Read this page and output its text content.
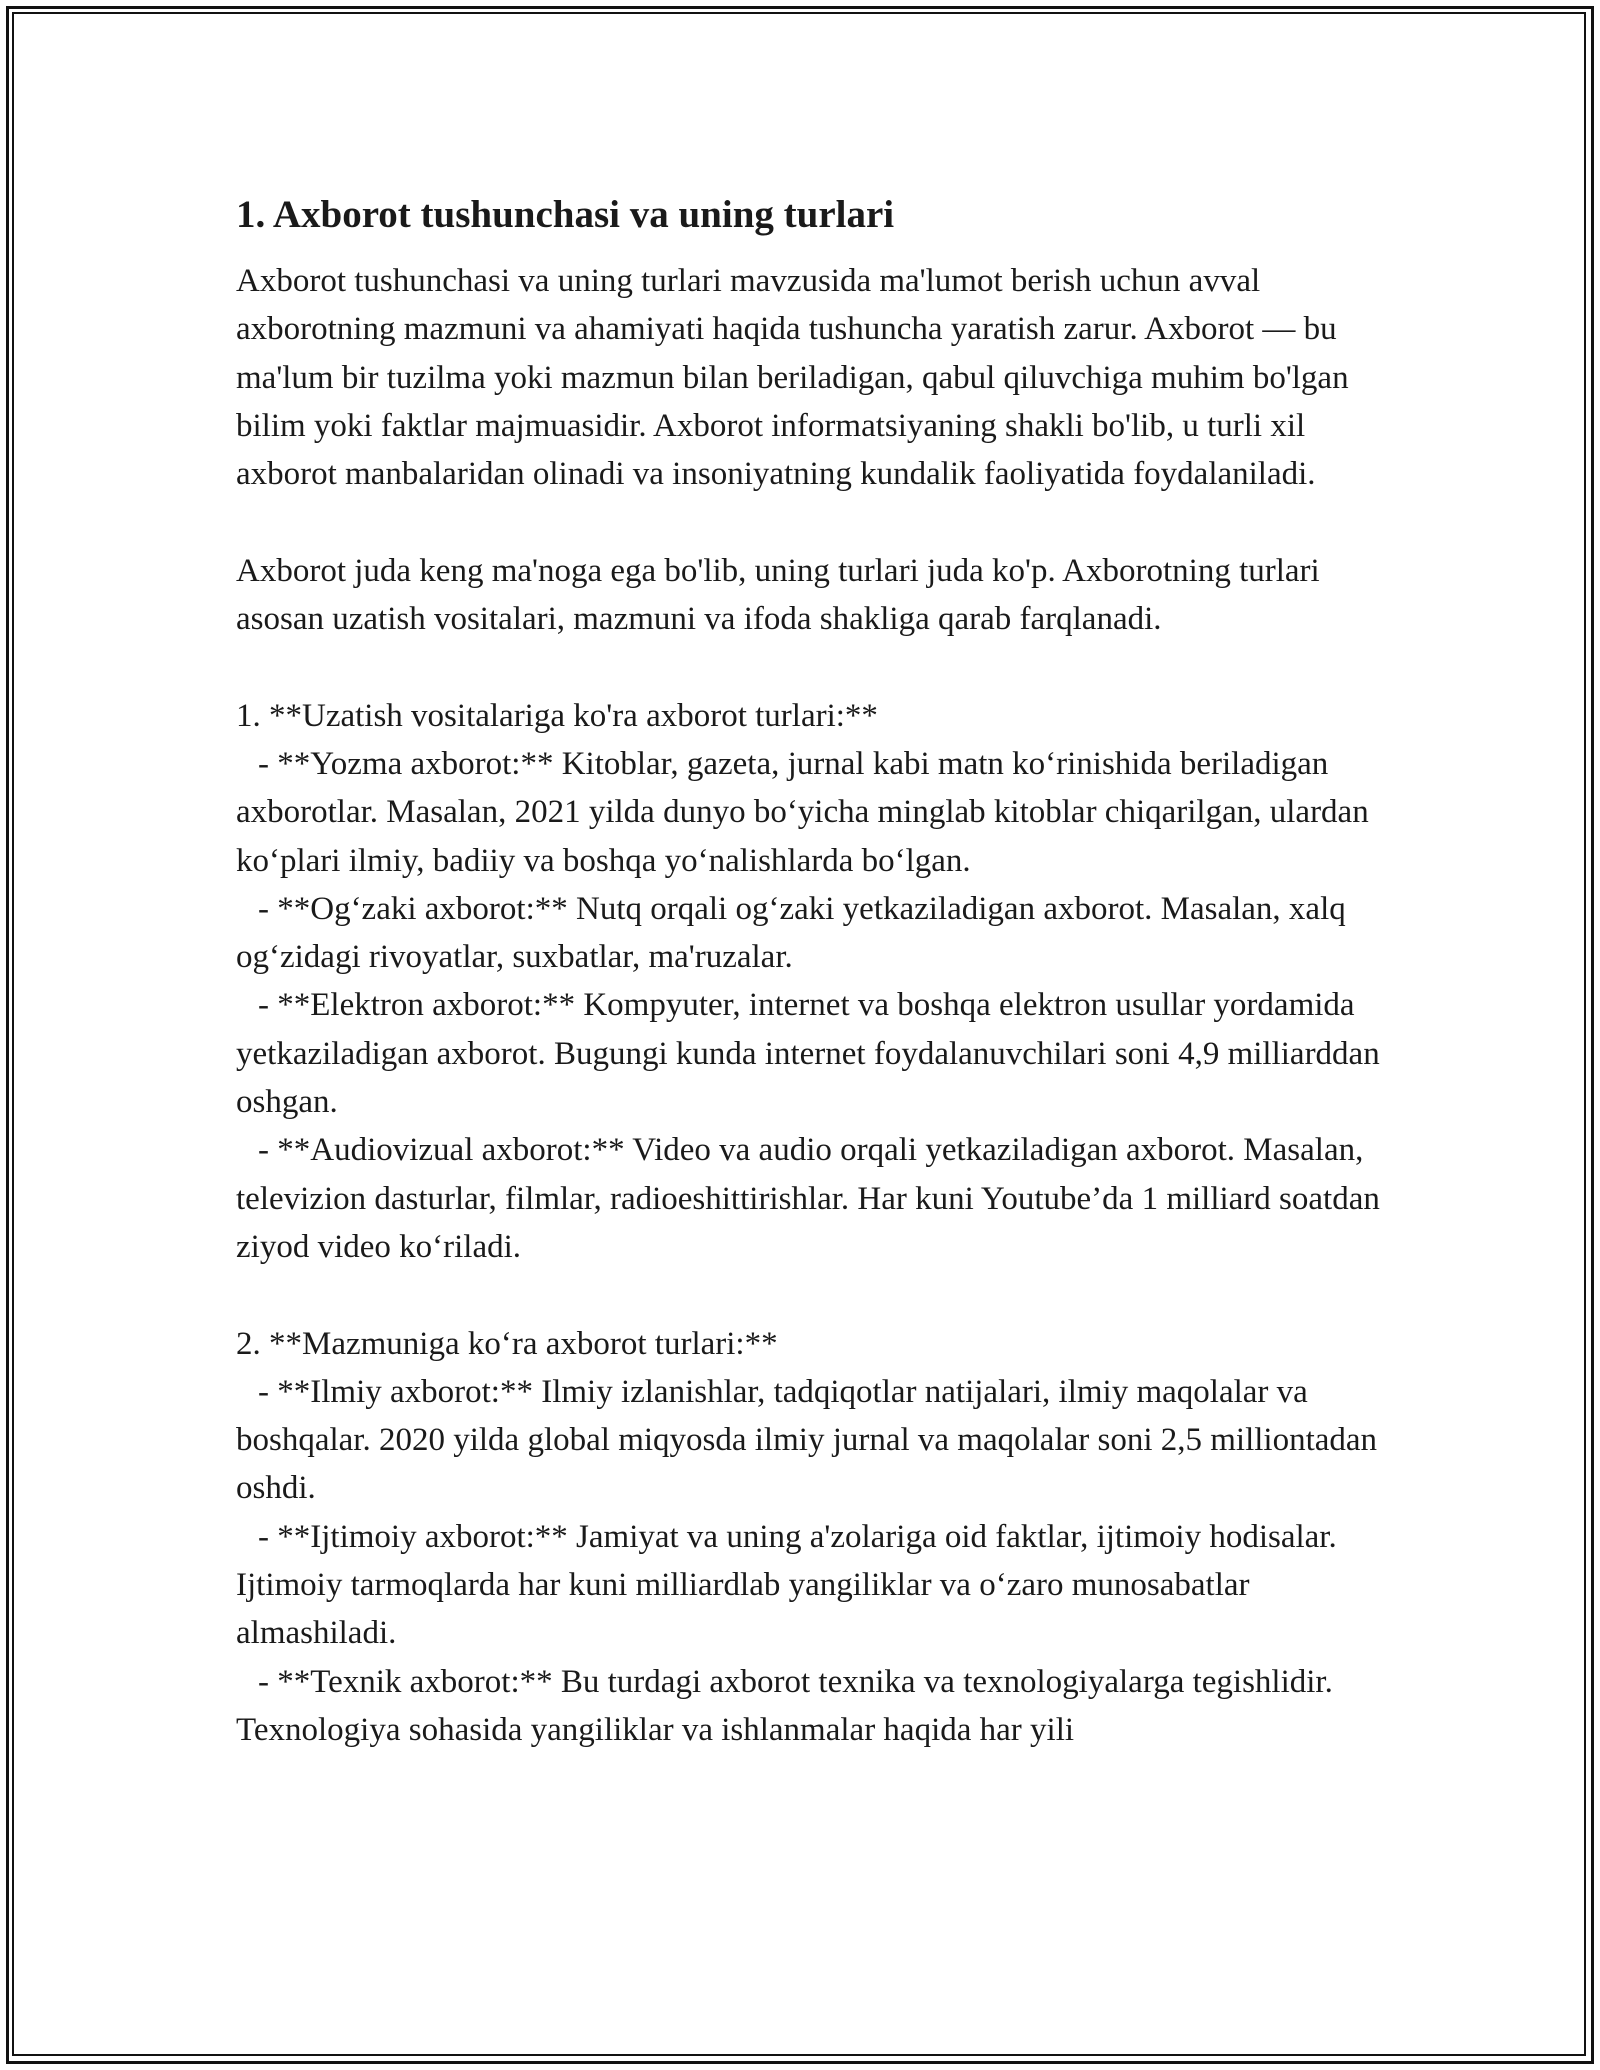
1. Axborot tushunchasi va uning turlari

Axborot tushunchasi va uning turlari mavzusida ma'lumot berish uchun avval axborotning mazmuni va ahamiyati haqida tushuncha yaratish zarur. Axborot — bu ma'lum bir tuzilma yoki mazmun bilan beriladigan, qabul qiluvchiga muhim bo'lgan bilim yoki faktlar majmuasidir. Axborot informatsiyaning shakli bo'lib, u turli xil axborot manbalaridan olinadi va insoniyatning kundalik faoliyatida foydalaniladi.

Axborot juda keng ma'noga ega bo'lib, uning turlari juda ko'p. Axborotning turlari asosan uzatish vositalari, mazmuni va ifoda shakliga qarab farqlanadi.

1. **Uzatish vositalariga ko'ra axborot turlari:**

- **Yozma axborot:** Kitoblar, gazeta, jurnal kabi matn koʻrinishida beriladigan axborotlar. Masalan, 2021 yilda dunyo boʻyicha minglab kitoblar chiqarilgan, ulardan koʻplari ilmiy, badiiy va boshqa yoʻnalishlarda boʻlgan.

- **Ogʻzaki axborot:** Nutq orqali ogʻzaki yetkaziladigan axborot. Masalan, xalq ogʻzidagi rivoyatlar, suxbatlar, ma'ruzalar.

- **Elektron axborot:** Kompyuter, internet va boshqa elektron usullar yordamida yetkaziladigan axborot. Bugungi kunda internet foydalanuvchilari soni 4,9 milliarddan oshgan.

- **Audiovizual axborot:** Video va audio orqali yetkaziladigan axborot. Masalan, televizion dasturlar, filmlar, radioeshittirishlar. Har kuni Youtube’da 1 milliard soatdan ziyod video koʻriladi.

2. **Mazmuniga koʻra axborot turlari:**

- **Ilmiy axborot:** Ilmiy izlanishlar, tadqiqotlar natijalari, ilmiy maqolalar va boshqalar. 2020 yilda global miqyosda ilmiy jurnal va maqolalar soni 2,5 milliontadan oshdi.

- **Ijtimoiy axborot:** Jamiyat va uning a'zolariga oid faktlar, ijtimoiy hodisalar. Ijtimoiy tarmoqlarda har kuni milliardlab yangiliklar va oʻzaro munosabatlar almashiladi.

- **Texnik axborot:** Bu turdagi axborot texnika va texnologiyalarga tegishlidir. Texnologiya sohasida yangiliklar va ishlanmalar haqida har yili
